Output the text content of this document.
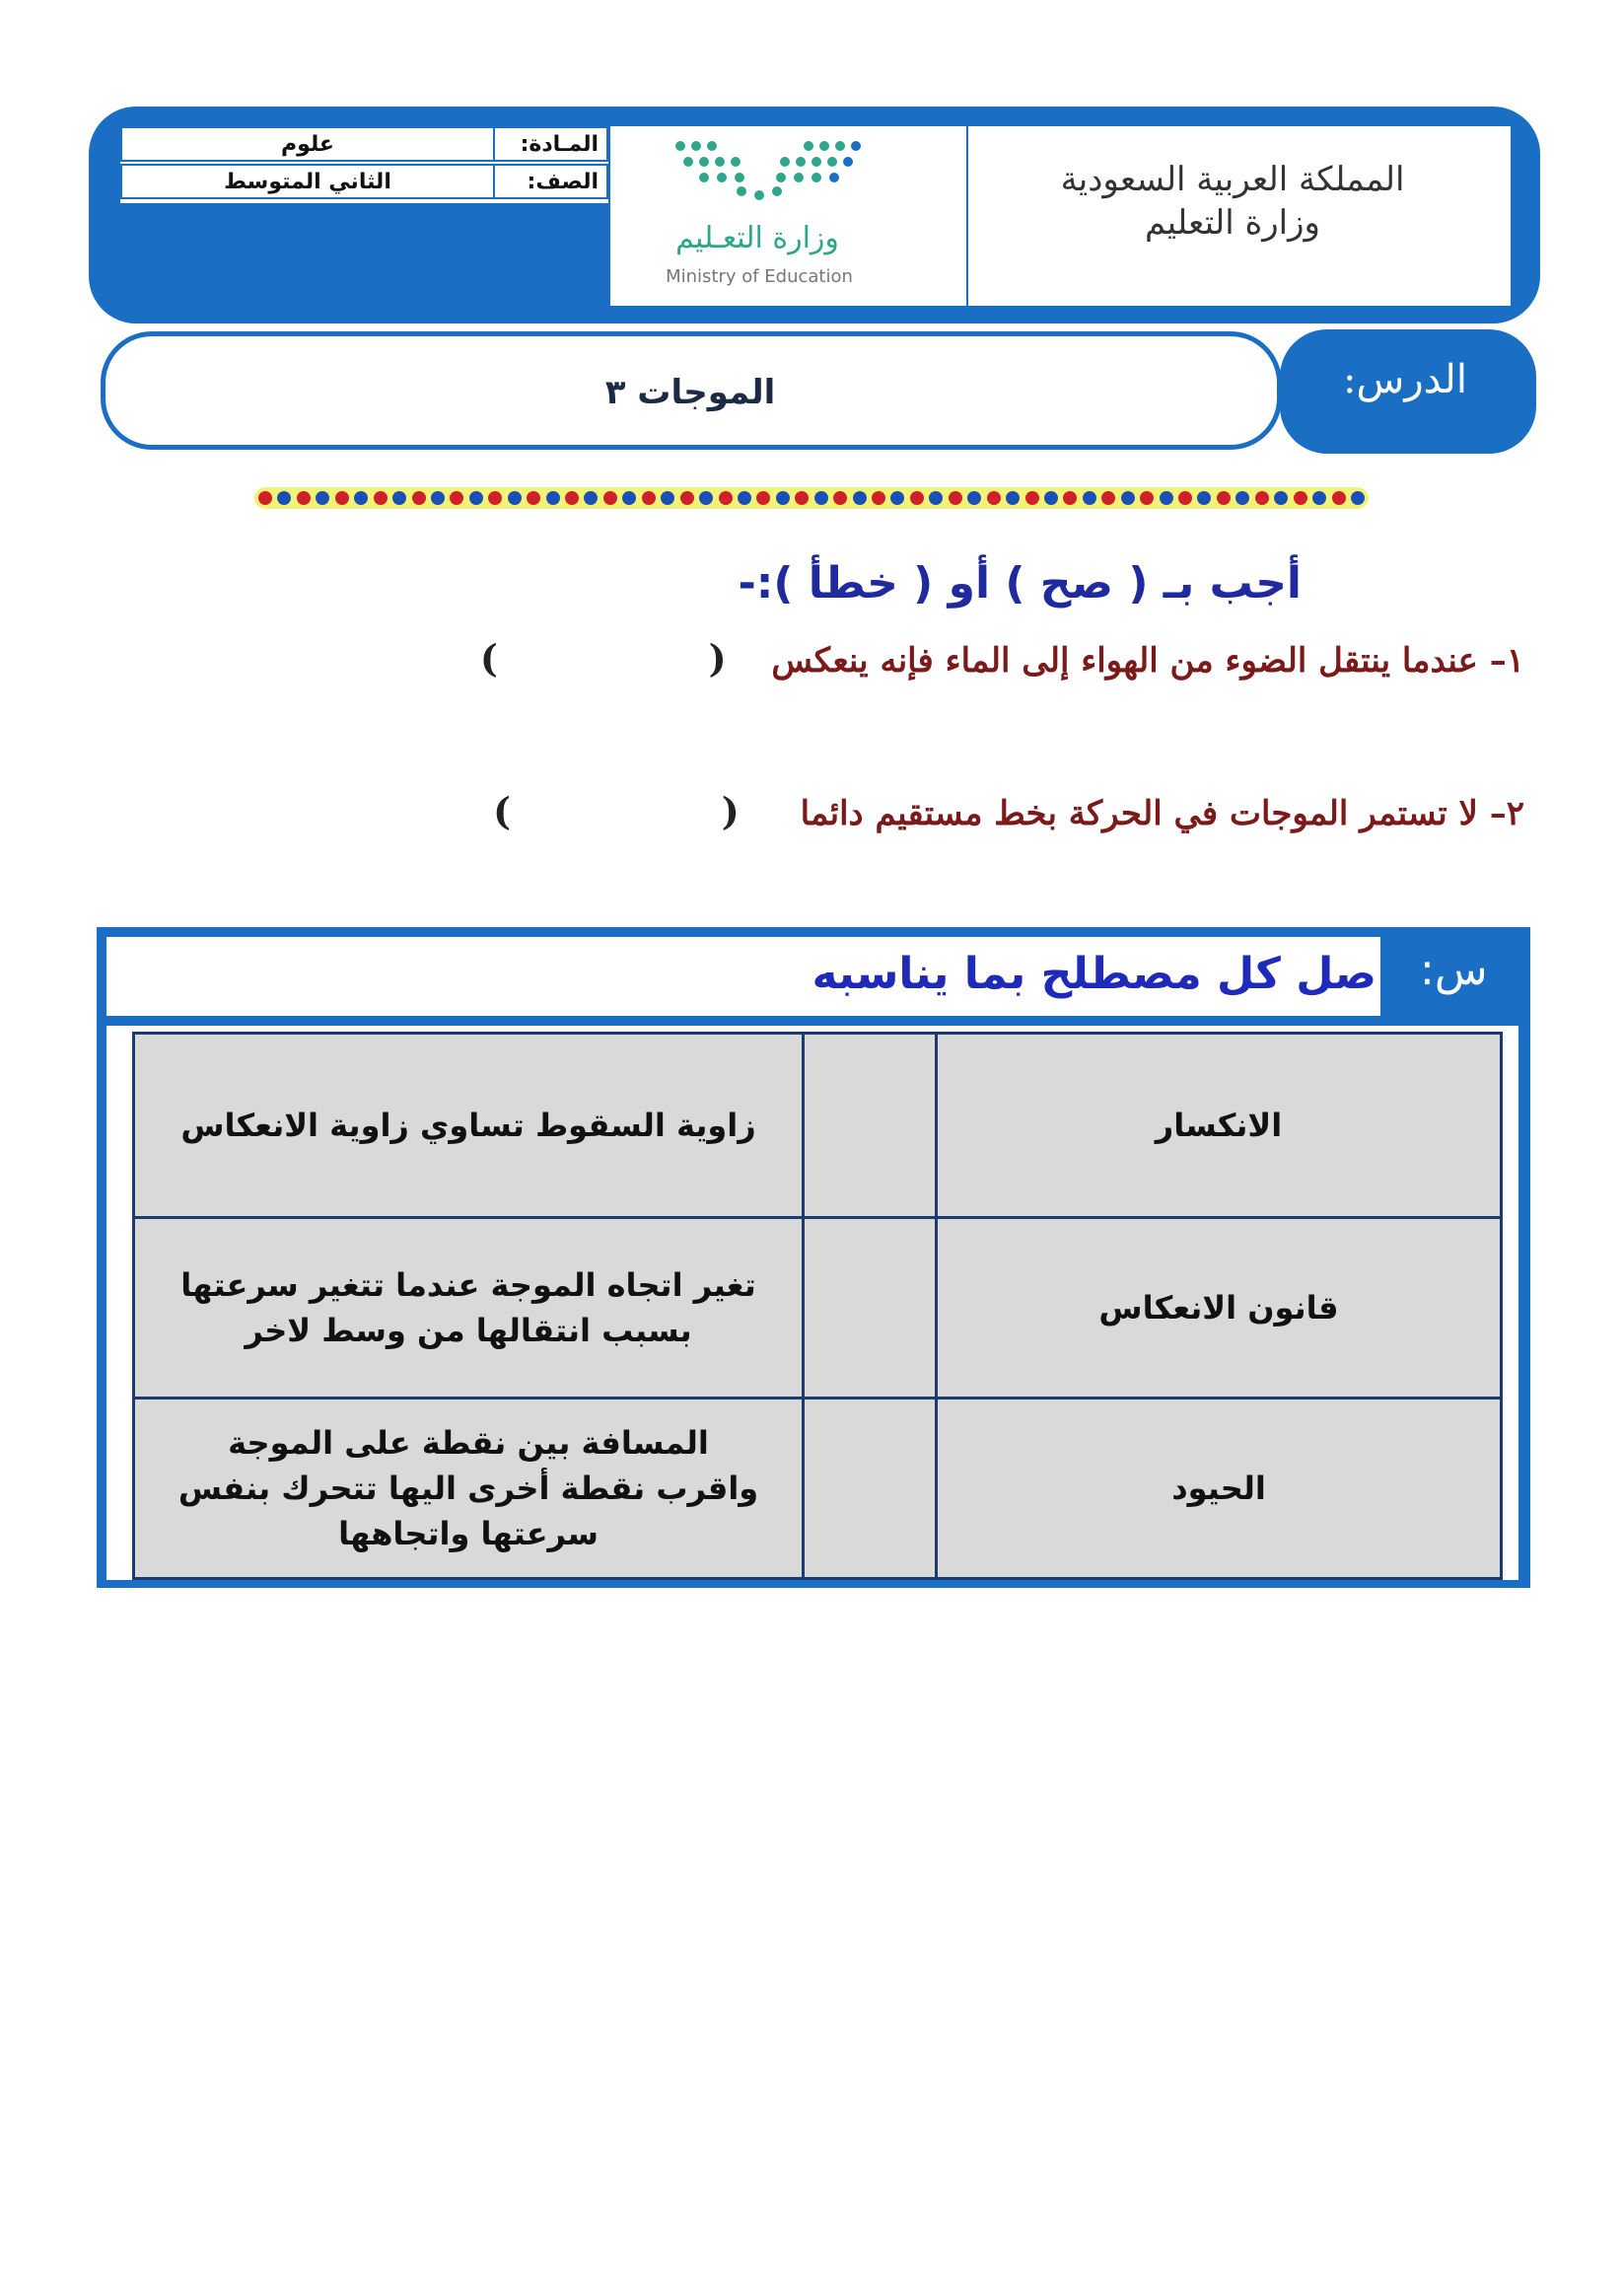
علوم	المـادة:
الثاني المتوسط	الصف:
وزارة التعـليم
Ministry of Education
المملكة العربية السعودية
وزارة التعليم
الدرس:
الموجات ٣
أجب بـ ( صح ) أو ( خطأ ):-
١– عندما ينتقل الضوء من الهواء إلى الماء فإنه ينعكس (  )
٢– لا تستمر الموجات في الحركة بخط مستقيم دائما (  )
س:
صل كل مصطلح بما يناسبه
الانكسار
زاوية السقوط تساوي زاوية الانعكاس
قانون الانعكاس
تغير اتجاه الموجة عندما تتغير سرعتها بسبب انتقالها من وسط لاخر
الحيود
المسافة بين نقطة على الموجة واقرب نقطة أخرى اليها تتحرك بنفس سرعتها واتجاهها
